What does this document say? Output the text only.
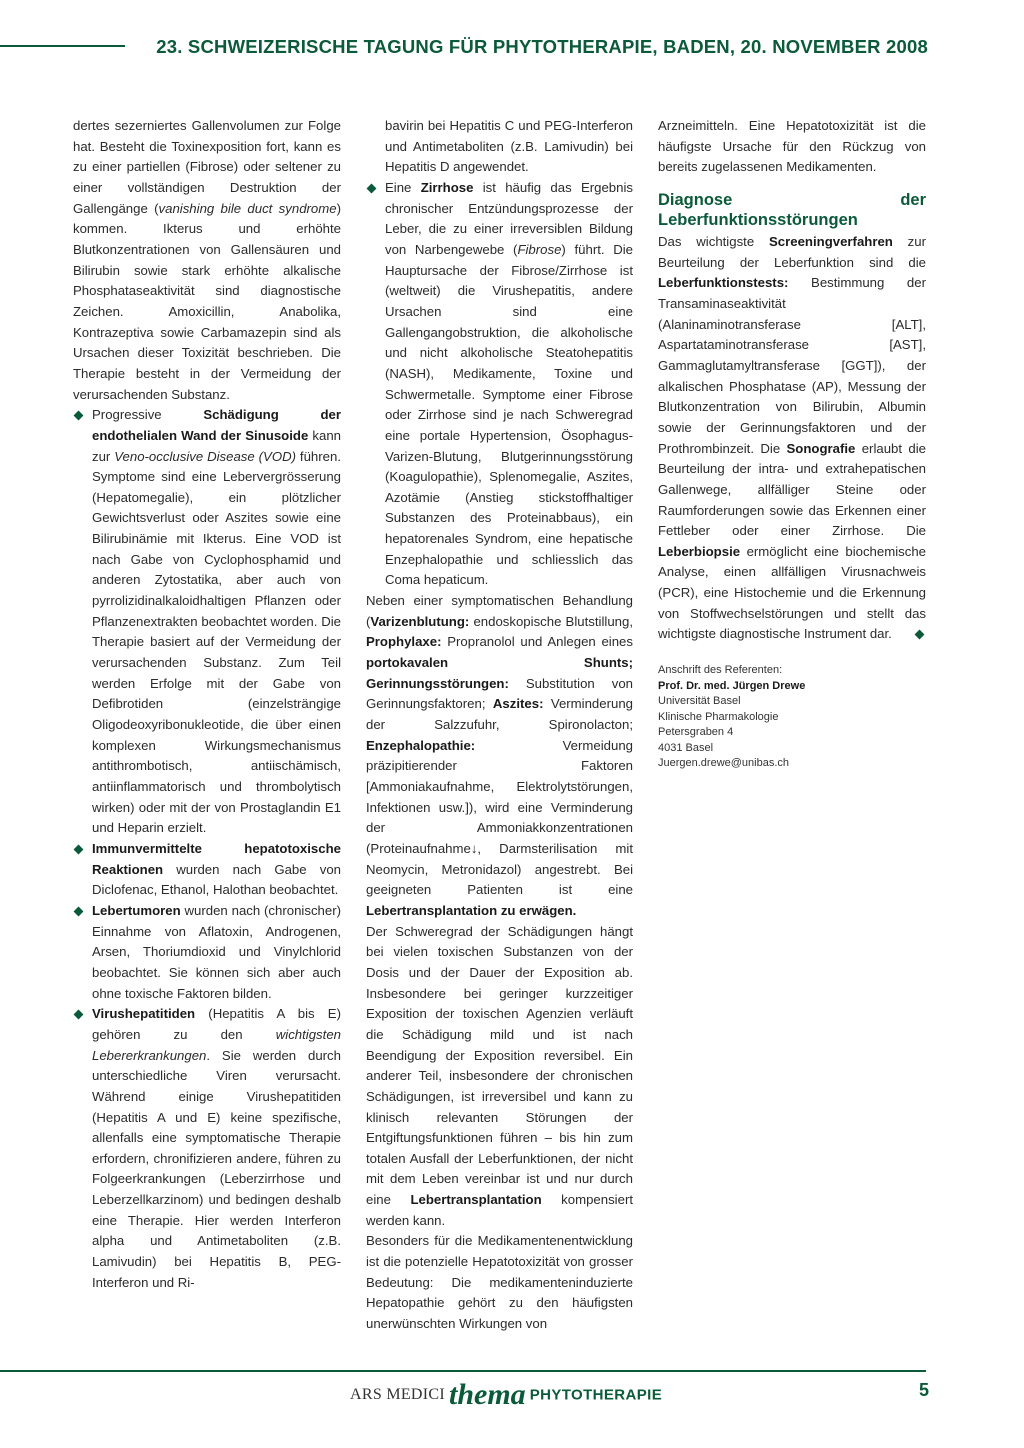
23. SCHWEIZERISCHE TAGUNG FÜR PHYTOTHERAPIE, BADEN, 20. NOVEMBER 2008

dertes sezerniertes Gallenvolumen zur Folge hat. Besteht die Toxinexposition fort, kann es zu einer partiellen (Fibrose) oder seltener zu einer vollständigen Destruktion der Gallengänge (vanishing bile duct syndrome) kommen. Ikterus und erhöhte Blutkonzentrationen von Gallensäuren und Bilirubin sowie stark erhöhte alkalische Phosphataseaktivität sind diagnostische Zeichen. Amoxicillin, Anabolika, Kontrazeptiva sowie Carbamazepin sind als Ursachen dieser Toxizität beschrieben. Die Therapie besteht in der Vermeidung der verursachenden Substanz.

Progressive Schädigung der endothelialen Wand der Sinusoide kann zur Veno-occlusive Disease (VOD) führen. Symptome sind eine Lebervergrösserung (Hepatomegalie), ein plötzlicher Gewichtsverlust oder Aszites sowie eine Bilirubinämie mit Ikterus. Eine VOD ist nach Gabe von Cyclophosphamid und anderen Zytostatika, aber auch von pyrrolizidinalkaloidhaltigen Pflanzen oder Pflanzenextrakten beobachtet worden. Die Therapie basiert auf der Vermeidung der verursachenden Substanz. Zum Teil werden Erfolge mit der Gabe von Defibrotiden (einzelsträngige Oligodeoxyribonukleotide, die über einen komplexen Wirkungsmechanismus antithrombotisch, antiischämisch, antiinflammatorisch und thrombolytisch wirken) oder mit der von Prostaglandin E1 und Heparin erzielt.

Immunvermittelte hepatotoxische Reaktionen wurden nach Gabe von Diclofenac, Ethanol, Halothan beobachtet.

Lebertumoren wurden nach (chronischer) Einnahme von Aflatoxin, Androgenen, Arsen, Thoriumdioxid und Vinylchlorid beobachtet. Sie können sich aber auch ohne toxische Faktoren bilden.

Virushepatitiden (Hepatitis A bis E) gehören zu den wichtigsten Lebererkrankungen. Sie werden durch unterschiedliche Viren verursacht. Während einige Virushepatitiden (Hepatitis A und E) keine spezifische, allenfalls eine symptomatische Therapie erfordern, chronifizieren andere, führen zu Folgeerkrankungen (Leberzirrhose und Leberzellkarzinom) und bedingen deshalb eine Therapie. Hier werden Interferon alpha und Antimetaboliten (z.B. Lamivudin) bei Hepatitis B, PEG-Interferon und Ri-

bavirin bei Hepatitis C und PEG-Interferon und Antimetaboliten (z.B. Lamivudin) bei Hepatitis D angewendet.

Eine Zirrhose ist häufig das Ergebnis chronischer Entzündungsprozesse der Leber, die zu einer irreversiblen Bildung von Narbengewebe (Fibrose) führt. Die Hauptursache der Fibrose/Zirrhose ist (weltweit) die Virushepatitis, andere Ursachen sind eine Gallengangobstruktion, die alkoholische und nicht alkoholische Steatohepatitis (NASH), Medikamente, Toxine und Schwermetalle. Symptome einer Fibrose oder Zirrhose sind je nach Schweregrad eine portale Hypertension, Ösophagus-Varizen-Blutung, Blutgerinnungsstörung (Koagulopathie), Splenomegalie, Aszites, Azotämie (Anstieg stickstoffhaltiger Substanzen des Proteinabbaus), ein hepatorenales Syndrom, eine hepatische Enzephalopathie und schliesslich das Coma hepaticum.

Neben einer symptomatischen Behandlung (Varizenblutung: endoskopische Blutstillung, Prophylaxe: Propranolol und Anlegen eines portokavalen Shunts; Gerinnungsstörungen: Substitution von Gerinnungsfaktoren; Aszites: Verminderung der Salzzufuhr, Spironolacton; Enzephalopathie: Vermeidung präzipitierender Faktoren [Ammoniakaufnahme, Elektrolytstörungen, Infektionen usw.]), wird eine Verminderung der Ammoniakkonzentrationen (Proteinaufnahme↓, Darmsterilisation mit Neomycin, Metronidazol) angestrebt. Bei geeigneten Patienten ist eine Lebertransplantation zu erwägen.

Der Schweregrad der Schädigungen hängt bei vielen toxischen Substanzen von der Dosis und der Dauer der Exposition ab. Insbesondere bei geringer kurzzeitiger Exposition der toxischen Agenzien verläuft die Schädigung mild und ist nach Beendigung der Exposition reversibel. Ein anderer Teil, insbesondere der chronischen Schädigungen, ist irreversibel und kann zu klinisch relevanten Störungen der Entgiftungsfunktionen führen – bis hin zum totalen Ausfall der Leberfunktionen, der nicht mit dem Leben vereinbar ist und nur durch eine Lebertransplantation kompensiert werden kann.

Besonders für die Medikamentenentwicklung ist die potenzielle Hepatotoxizität von grosser Bedeutung: Die medikamenteninduzierte Hepatopathie gehört zu den häufigsten unerwünschten Wirkungen von

Arzneimitteln. Eine Hepatotoxizität ist die häufigste Ursache für den Rückzug von bereits zugelassenen Medikamenten.

Diagnose der Leberfunktionsstörungen

Das wichtigste Screeningverfahren zur Beurteilung der Leberfunktion sind die Leberfunktionstests: Bestimmung der Transaminaseaktivität (Alaninaminotransferase [ALT], Aspartataminotransferase [AST], Gammaglutamyltransferase [GGT]), der alkalischen Phosphatase (AP), Messung der Blutkonzentration von Bilirubin, Albumin sowie der Gerinnungsfaktoren und der Prothrombinzeit. Die Sonografie erlaubt die Beurteilung der intra- und extrahepatischen Gallenwege, allfälliger Steine oder Raumforderungen sowie das Erkennen einer Fettleber oder einer Zirrhose. Die Leberbiopsie ermöglicht eine biochemische Analyse, einen allfälligen Virusnachweis (PCR), eine Histochemie und die Erkennung von Stoffwechselstörungen und stellt das wichtigste diagnostische Instrument dar.

Anschrift des Referenten:
Prof. Dr. med. Jürgen Drewe
Universität Basel
Klinische Pharmakologie
Petersgraben 4
4031 Basel
Juergen.drewe@unibas.ch
ARS MEDICI thema PHYTOTHERAPIE	5
